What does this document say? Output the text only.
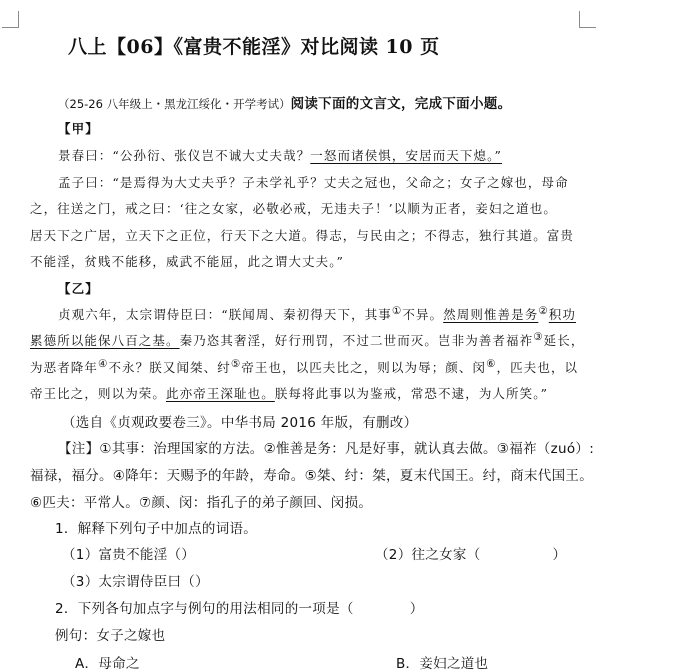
八上【06】《富贵不能淫》对比阅读 10 页
（25-26 八年级上・黑龙江绥化・开学考试）阅读下面的文言文，完成下面小题。
【甲】
景春曰：“公孙衍、张仪岂不诚大丈夫哉？一怒而诸侯惧，安居而天下熄。”
孟子曰：“是焉得为大丈夫乎？子未学礼乎？丈夫之冠也，父命之；女子之嫁也，母命
之，往送之门，戒之曰：‘往之女家，必敬必戒，无违夫子！’以顺为正者，妾妇之道也。
居天下之广居，立天下之正位，行天下之大道。得志，与民由之；不得志，独行其道。富贵
不能淫，贫贱不能移，威武不能屈，此之谓大丈夫。”
【乙】
贞观六年，太宗谓侍臣曰：“朕闻周、秦初得天下，其事①不异。然周则惟善是务②积功
累德所以能保八百之基。秦乃恣其奢淫，好行刑罚，不过二世而灭。岂非为善者福祚③延长，
为恶者降年④不永？朕又闻桀、纣⑤帝王也，以匹夫比之，则以为辱；颜、闵⑥，匹夫也，以
帝王比之，则以为荣。此亦帝王深耻也。朕每将此事以为鉴戒，常恐不逮，为人所笑。”
（选自《贞观政要卷三》。中华书局 2016 年版，有删改）
【注】①其事：治理国家的方法。②惟善是务：凡是好事，就认真去做。③福祚（zuó）:
福禄，福分。④降年：天赐予的年龄，寿命。⑤桀、纣：桀，夏末代国王。纣，商末代国王。
⑥匹夫：平常人。⑦颜、闵：指孔子的弟子颜回、闵损。
1．解释下列句子中加点的词语。
（1）富贵不能淫（）	（2）往之女家（	）
（3）太宗谓侍臣曰（）
2．下列各句加点字与例句的用法相同的一项是（	）
例句：女子之嫁也
A．母命之	B．妾妇之道也
